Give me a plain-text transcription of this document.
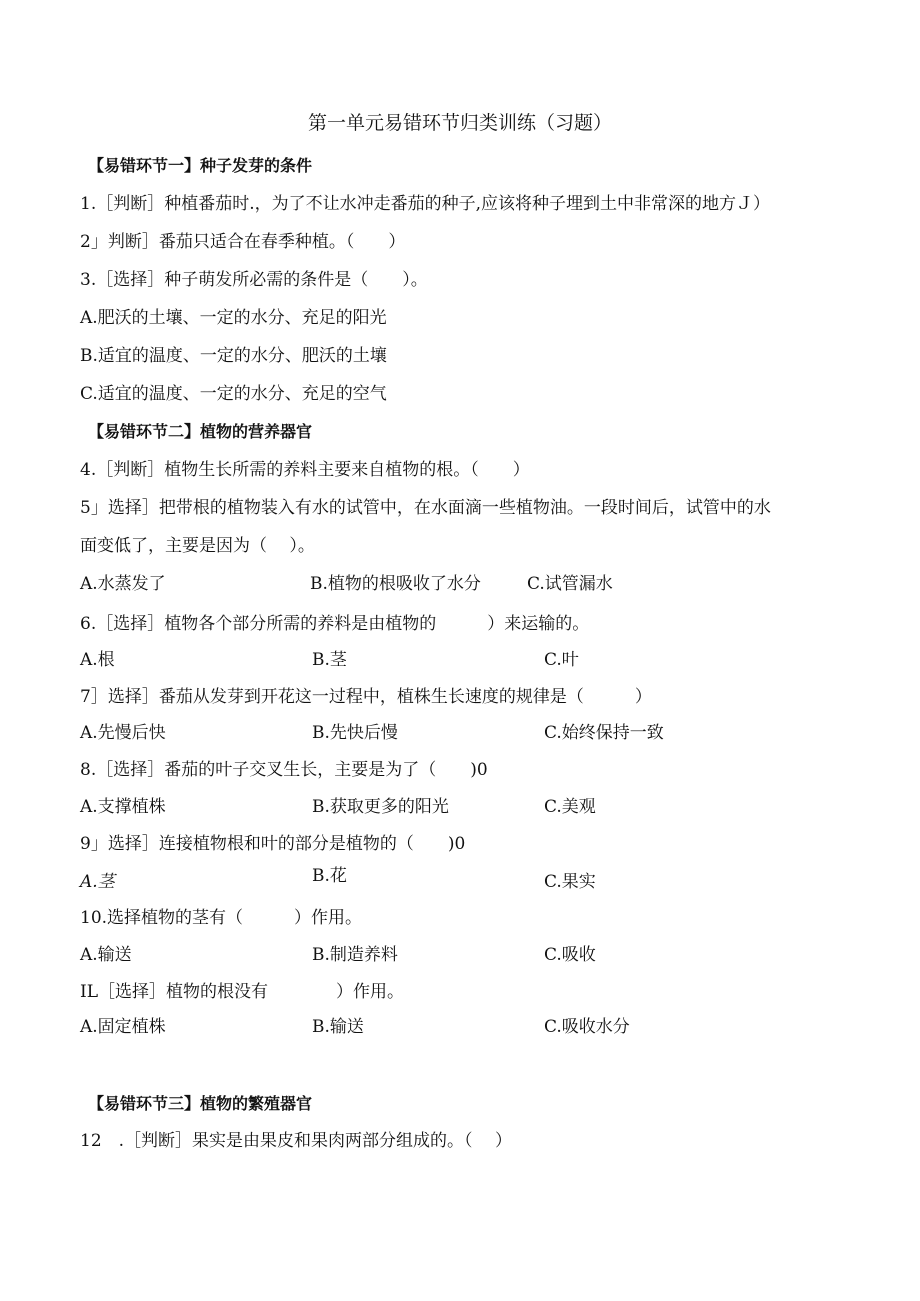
第一单元易错环节归类训练（习题）
【易错环节一】种子发芽的条件
1.［判断］种植番茄时.，为了不让水冲走番茄的种子,应该将种子埋到土中非常深的地方Ｊ）
2」判断］番茄只适合在春季种植。（　　）
3.［选择］种子萌发所必需的条件是（　　）。
A.肥沃的土壤、一定的水分、充足的阳光
B.适宜的温度、一定的水分、肥沃的土壤
C.适宜的温度、一定的水分、充足的空气
【易错环节二】植物的营养器官
4.［判断］植物生长所需的养料主要来自植物的根。（　　）
5」选择］把带根的植物装入有水的试管中，在水面滴一些植物油。一段时间后，试管中的水
面变低了，主要是因为（　 ）。
A.水蒸发了	B.植物的根吸收了水分	C.试管漏水
6.［选择］植物各个部分所需的养料是由植物的　　　）来运输的。
A.根	B.茎	C.叶
7］选择］番茄从发芽到开花这一过程中，植株生长速度的规律是（　　　）
A.先慢后快	B.先快后慢	C.始终保持一致
8.［选择］番茄的叶子交叉生长，主要是为了（　　)0
A.支撑植株	B.获取更多的阳光	C.美观
9」选择］连接植物根和叶的部分是植物的（　　)0
A.茎	B.花	C.果实
10.选择植物的茎有（　　　）作用。
A.输送	B.制造养料	C.吸收
IL［选择］植物的根没有　　　　）作用。
A.固定植株	B.输送	C.吸收水分
【易错环节三】植物的繁殖器官
12　.［判断］果实是由果皮和果肉两部分组成的。（　 ）
